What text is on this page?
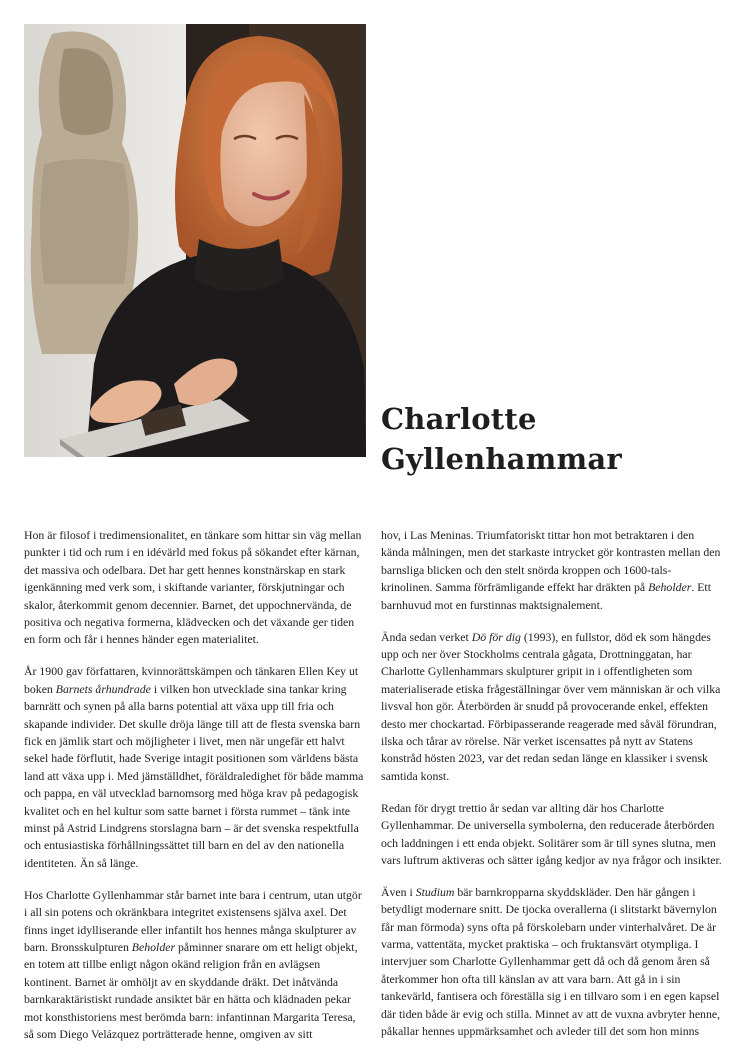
Charlotte
Gyllenhammar

Hon är filosof i tredimensionalitet, en tänkare som hittar sin väg mellan punkter i tid och rum i en idévärld med fokus på sökandet efter kärnan, det massiva och odelbara. Det har gett hennes konstnärskap en stark igenkänning med verk som, i skiftande varianter, förskjutningar och skalor, återkommit genom decennier. Barnet, det uppochnervända, de positiva och negativa formerna, klädvecken och det växande ger tiden en form och får i hennes händer egen materialitet.

År 1900 gav författaren, kvinnorättskämpen och tänkaren Ellen Key ut boken Barnets århundrade i vilken hon utvecklade sina tankar kring barnrätt och synen på alla barns potential att växa upp till fria och skapande individer. Det skulle dröja länge till att de flesta svenska barn fick en jämlik start och möjligheter i livet, men när ungefär ett halvt sekel hade förflutit, hade Sverige intagit positionen som världens bästa land att växa upp i. Med jämställdhet, föräldraledighet för både mamma och pappa, en väl utvecklad barnomsorg med höga krav på pedagogisk kvalitet och en hel kultur som satte barnet i första rummet – tänk inte minst på Astrid Lindgrens storslagna barn – är det svenska respektfulla och entusiastiska förhållningssättet till barn en del av den nationella identiteten. Än så länge.

Hos Charlotte Gyllenhammar står barnet inte bara i centrum, utan utgör i all sin potens och okränkbara integritet existensens själva axel. Det finns inget idylliserande eller infantilt hos hennes många skulpturer av barn. Bronsskulpturen Beholder påminner snarare om ett heligt objekt, en totem att tillbe enligt någon okänd religion från en avlägsen kontinent. Barnet är omhöljt av en skyddande dräkt. Det inåtvända barnkaraktäristiskt rundade ansiktet bär en hätta och klädnaden pekar mot konsthistoriens mest berömda barn: infantinnan Margarita Teresa, så som Diego Velázquez porträtterade henne, omgiven av sitt

hov, i Las Meninas. Triumfatoriskt tittar hon mot betraktaren i den kända målningen, men det starkaste intrycket gör kontrasten mellan den barnsliga blicken och den stelt snörda kroppen och 1600-tals-krinolinen. Samma förfrämligande effekt har dräkten på Beholder. Ett barnhuvud mot en furstinnas maktsignalement.

Ända sedan verket Dö för dig (1993), en fullstor, död ek som hängdes upp och ner över Stockholms centrala gågata, Drottninggatan, har Charlotte Gyllenhammars skulpturer gripit in i offentligheten som materialiserade etiska frågeställningar över vem människan är och vilka livsval hon gör. Återbörden är snudd på provocerande enkel, effekten desto mer chockartad. Förbipasserande reagerade med såväl förundran, ilska och tårar av rörelse. När verket iscensattes på nytt av Statens konstråd hösten 2023, var det redan sedan länge en klassiker i svensk samtida konst.

Redan för drygt trettio år sedan var allting där hos Charlotte Gyllenhammar. De universella symbolerna, den reducerade återbörden och laddningen i ett enda objekt. Solitärer som är till synes slutna, men vars luftrum aktiveras och sätter igång kedjor av nya frågor och insikter.

Även i Studium bär barnkropparna skyddskläder. Den här gången i betydligt modernare snitt. De tjocka overallerna (i slitstarkt bävernylon får man förmoda) syns ofta på förskolebarn under vinterhalvåret. De är varma, vattentäta, mycket praktiska – och fruktansvärt otympliga. I intervjuer som Charlotte Gyllenhammar gett då och då genom åren så återkommer hon ofta till känslan av att vara barn. Att gå in i sin tankevärld, fantisera och föreställa sig i en tillvaro som i en egen kapsel där tiden både är evig och stilla. Minnet av att de vuxna avbryter henne, påkallar hennes uppmärksamhet och avleder till det som hon minns
